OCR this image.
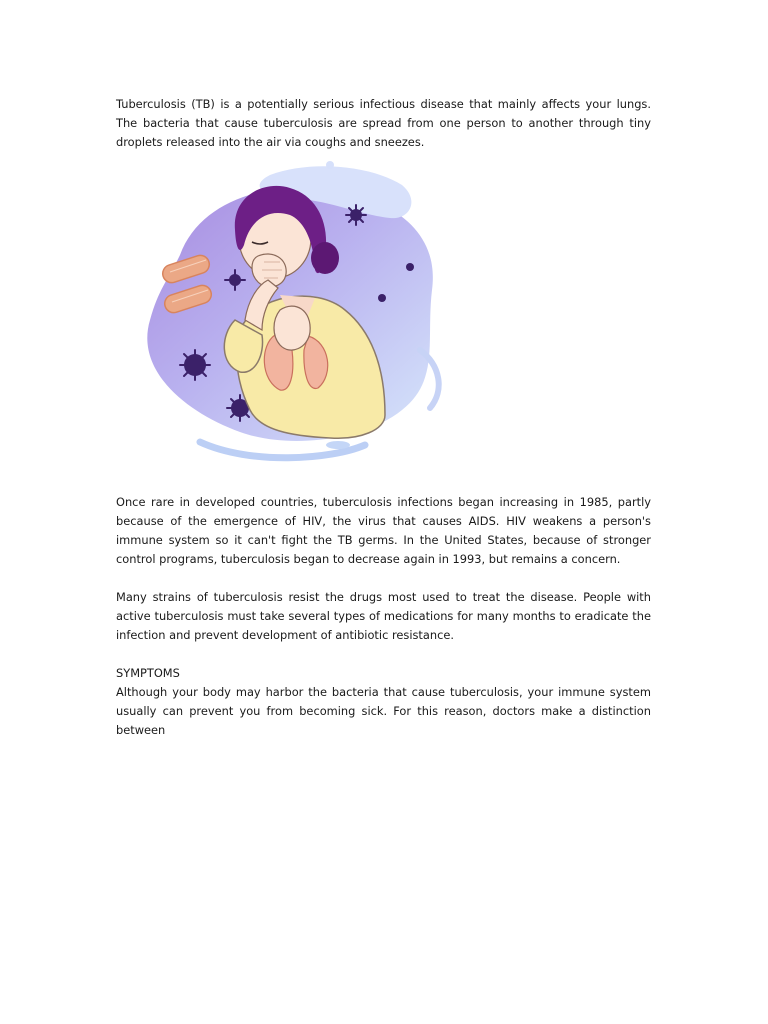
Tuberculosis (TB) is a potentially serious infectious disease that mainly affects your lungs. The bacteria that cause tuberculosis are spread from one person to another through tiny droplets released into the air via coughs and sneezes.

Once rare in developed countries, tuberculosis infections began increasing in 1985, partly because of the emergence of HIV, the virus that causes AIDS. HIV weakens a person's immune system so it can't fight the TB germs. In the United States, because of stronger control programs, tuberculosis began to decrease again in 1993, but remains a concern.

Many strains of tuberculosis resist the drugs most used to treat the disease. People with active tuberculosis must take several types of medications for many months to eradicate the infection and prevent development of antibiotic resistance.

SYMPTOMS

Although your body may harbor the bacteria that cause tuberculosis, your immune system usually can prevent you from becoming sick. For this reason, doctors make a distinction between
